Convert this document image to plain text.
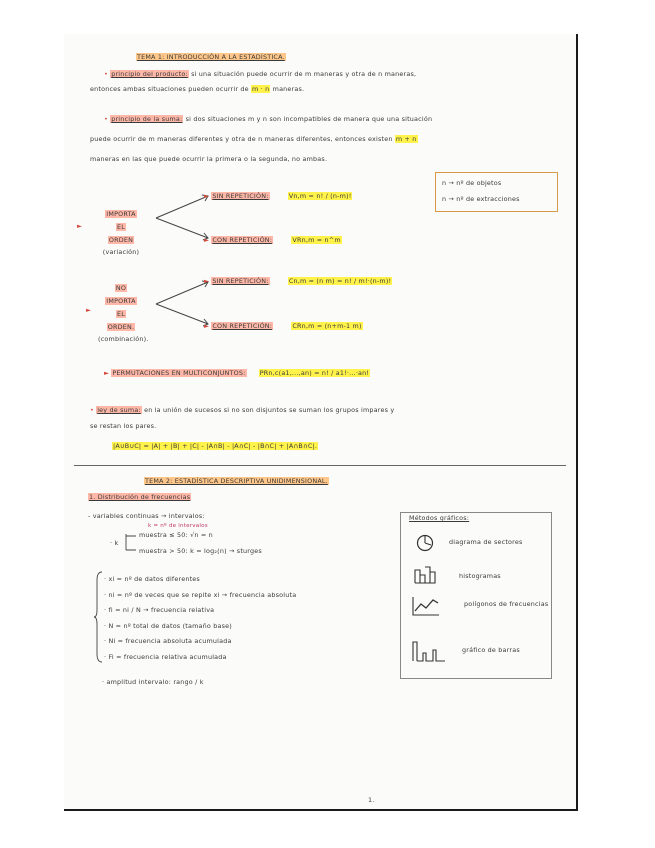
TEMA 1: INTRODUCCIÓN A LA ESTADÍSTICA.
• principio del producto: si una situación puede ocurrir de m maneras y otra de n maneras,
entonces ambas situaciones pueden ocurrir de m · n maneras.
• principio de la suma: si dos situaciones m y n son incompatibles de manera que una situación
puede ocurrir de m maneras diferentes y otra de n maneras diferentes, entonces existen m + n
maneras en las que puede ocurrir la primera o la segunda, no ambas.
n → nº de objetos
n → nº de extracciones
►
IMPORTA
EL
ORDEN
(variación)
► SIN REPETICIÓN:	Vn,m = n! / (n-m)!
► CON REPETICIÓN:	VRn,m = n^m
►
NO
IMPORTA
EL
ORDEN.
(combinación).
► SIN REPETICIÓN:	Cn,m = (n m) = n! / m!·(n-m)!
► CON REPETICIÓN:	CRn,m = (n+m-1 m)
► PERMUTACIONES EN MULTICONJUNTOS: PRn,c(a1,...,an) = n! / a1!·...·an!
• ley de suma: en la unión de sucesos si no son disjuntos se suman los grupos impares y
se restan los pares.
|A∪B∪C| = |A| + |B| + |C| - |A∩B| - |A∩C| - |B∩C| + |A∩B∩C|.
TEMA 2: ESTADÍSTICA DESCRIPTIVA UNIDIMENSIONAL.
1. Distribución de frecuencias
- variables continuas → intervalos:
k = nº de intervalos
· k
muestra ≤ 50: √n = n
muestra > 50: k = log₂(n) → sturges
· xi = nº de datos diferentes
· ni = nº de veces que se repite xi → frecuencia absoluta
· fi = ni / N → frecuencia relativa
· N = nº total de datos (tamaño base)
· Ni = frecuencia absoluta acumulada
· Fi = frecuencia relativa acumulada
· amplitud intervalo: rango / k
Métodos gráficos:
diagrama de sectores
histogramas
polígonos de frecuencias
gráfico de barras
1.
